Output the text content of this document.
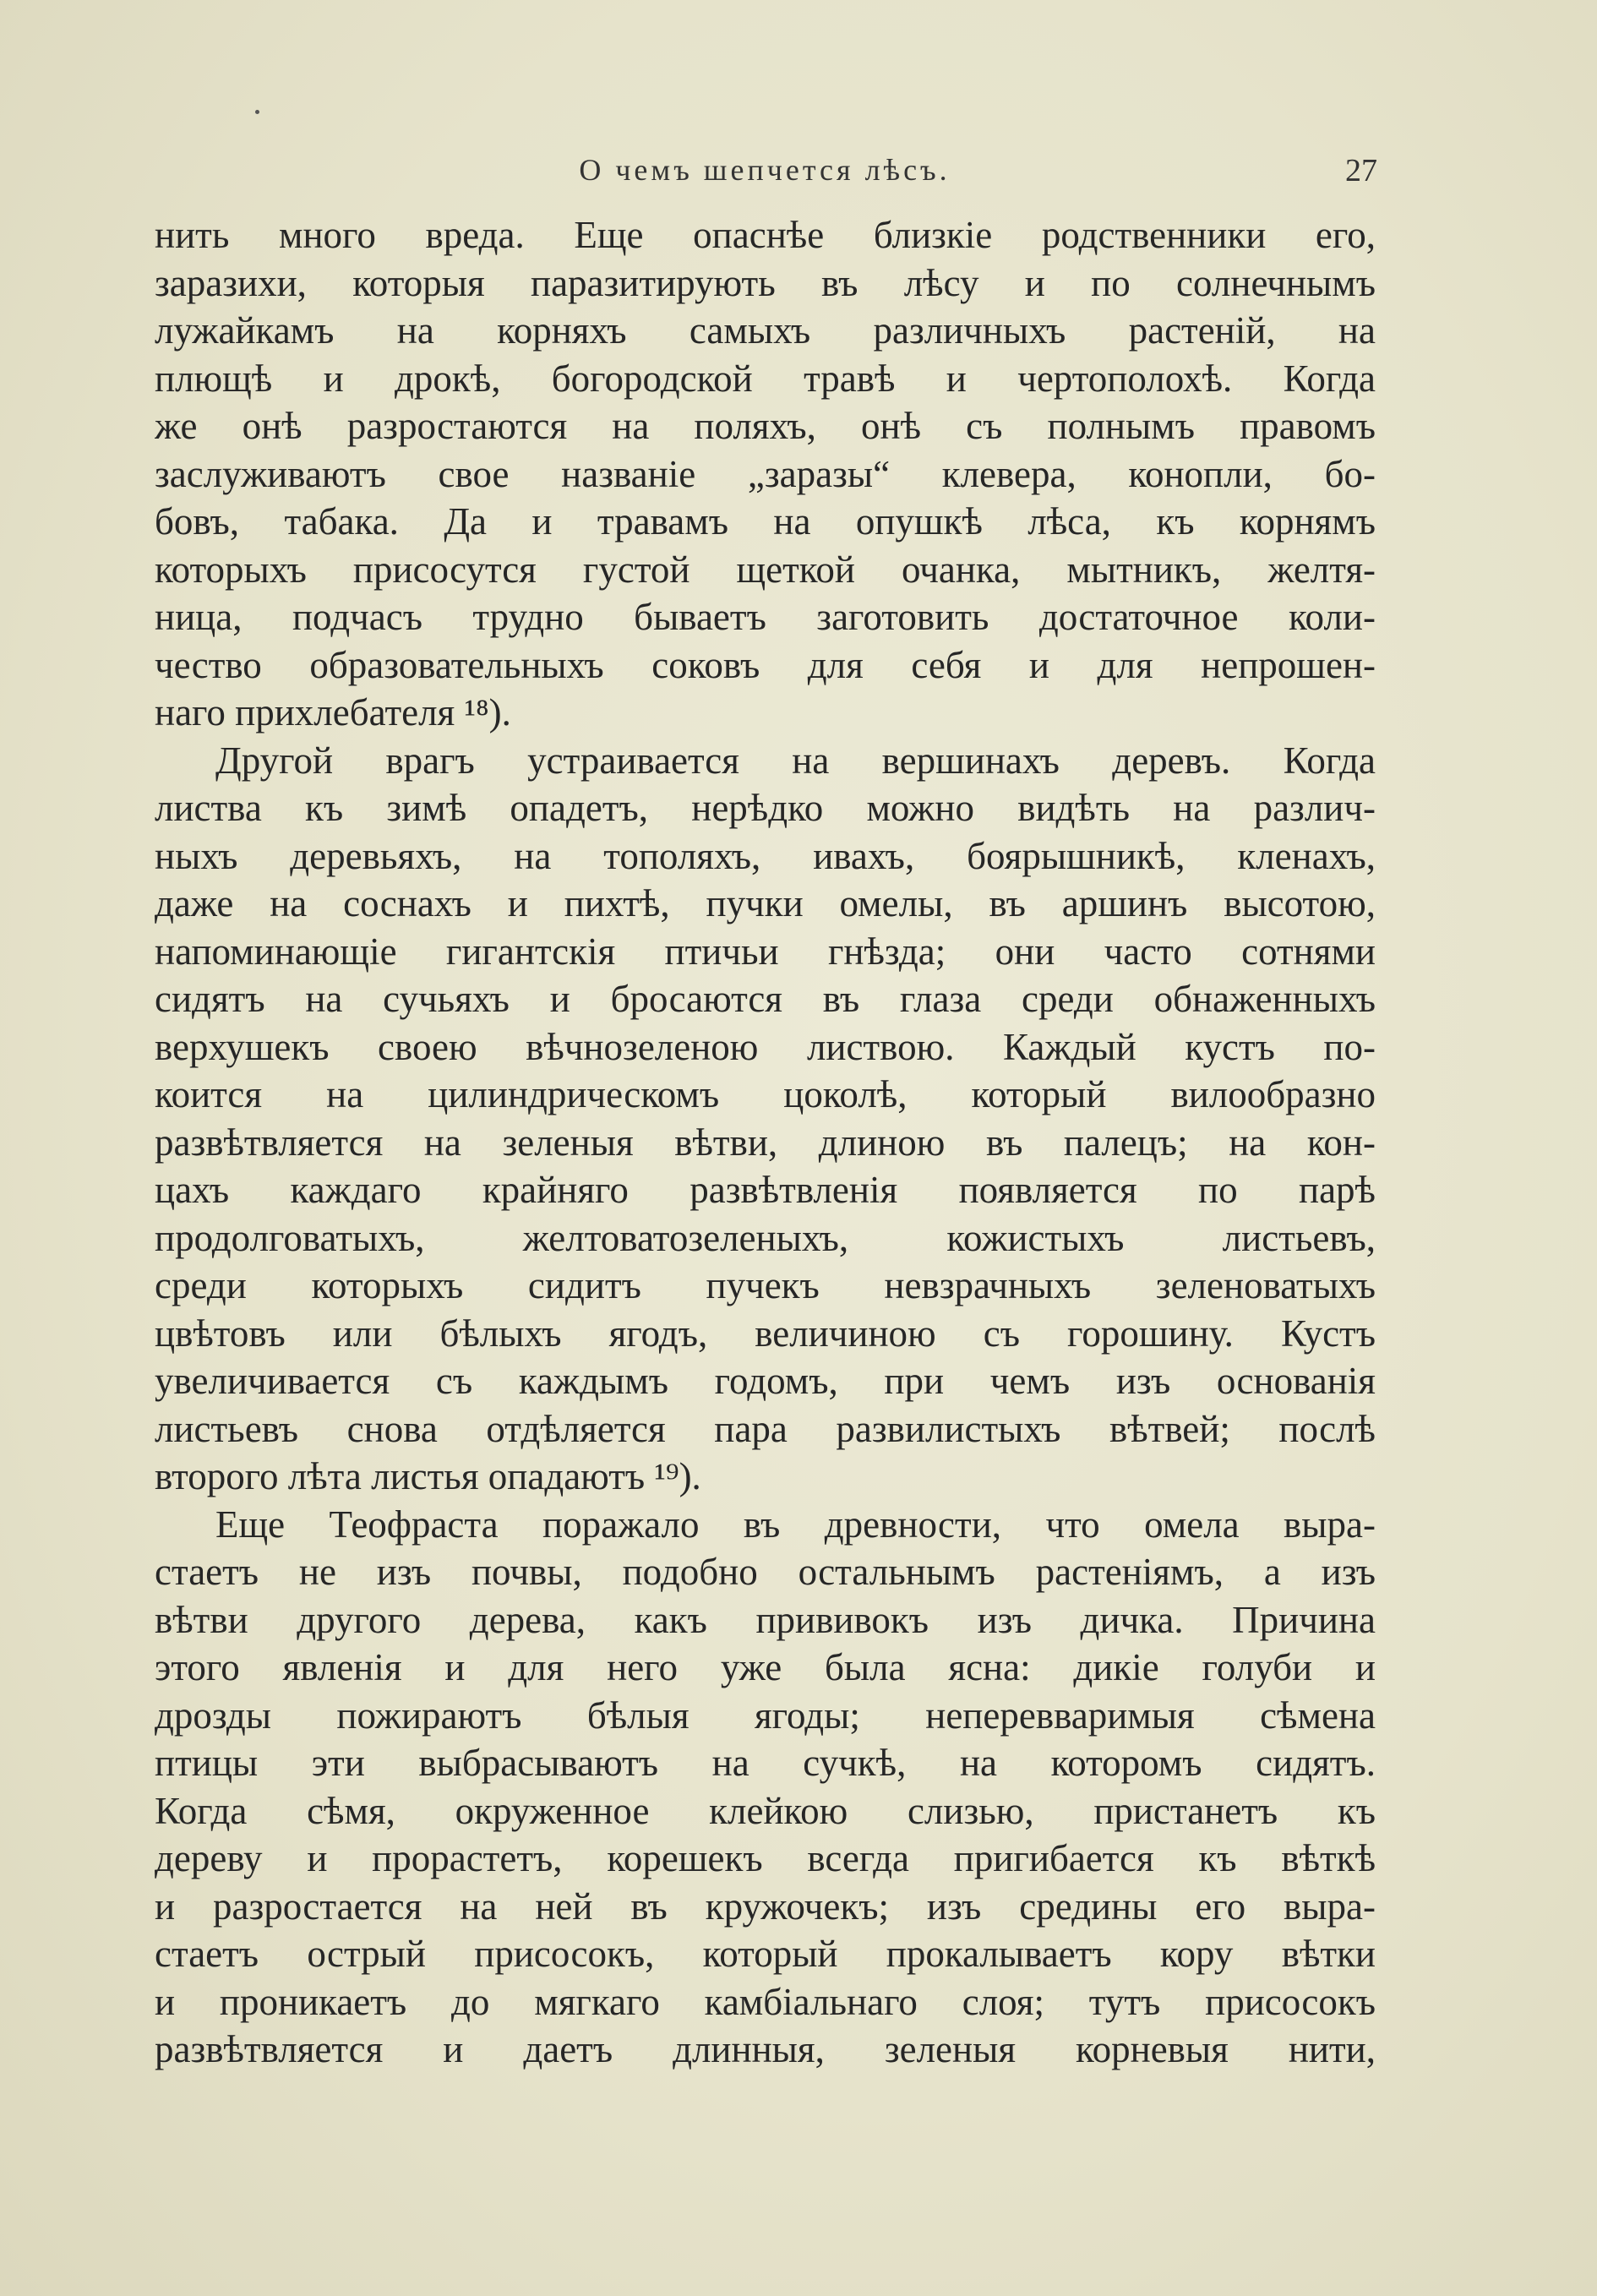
О чемъ шепчется лѣсъ.	27
нить много вреда. Еще опаснѣе близкіе родственники его,
заразихи, которыя паразитирують въ лѣсу и по солнечнымъ
лужайкамъ на корняхъ самыхъ различныхъ растеній, на
плющѣ и дрокѣ, богородской травѣ и чертополохѣ. Когда
же онѣ разростаются на поляхъ, онѣ съ полнымъ правомъ
заслуживаютъ свое названіе „заразы“ клевера, конопли, бо-
бовъ, табака. Да и травамъ на опушкѣ лѣса, къ корнямъ
которыхъ присосутся густой щеткой очанка, мытникъ, желтя-
ница, подчасъ трудно бываетъ заготовить достаточное коли-
чество образовательныхъ соковъ для себя и для непрошен-
наго прихлебателя ¹⁸).
Другой врагъ устраивается на вершинахъ деревъ. Когда
листва къ зимѣ опадетъ, нерѣдко можно видѣть на различ-
ныхъ деревьяхъ, на тополяхъ, ивахъ, боярышникѣ, кленахъ,
даже на соснахъ и пихтѣ, пучки омелы, въ аршинъ высотою,
напоминающіе гигантскія птичьи гнѣзда; они часто сотнями
сидятъ на сучьяхъ и бросаются въ глаза среди обнаженныхъ
верхушекъ своею вѣчнозеленою листвою. Каждый кустъ по-
коится на цилиндрическомъ цоколѣ, который вилообразно
развѣтвляется на зеленыя вѣтви, длиною въ палецъ; на кон-
цахъ каждаго крайняго развѣтвленія появляется по парѣ
продолговатыхъ, желтоватозеленыхъ, кожистыхъ листьевъ,
среди которыхъ сидитъ пучекъ невзрачныхъ зеленоватыхъ
цвѣтовъ или бѣлыхъ ягодъ, величиною съ горошину. Кустъ
увеличивается съ каждымъ годомъ, при чемъ изъ основанія
листьевъ снова отдѣляется пара развилистыхъ вѣтвей; послѣ
второго лѣта листья опадаютъ ¹⁹).
Еще Теофраста поражало въ древности, что омела выра-
стаетъ не изъ почвы, подобно остальнымъ растеніямъ, а изъ
вѣтви другого дерева, какъ прививокъ изъ дичка. Причина
этого явленія и для него уже была ясна: дикіе голуби и
дрозды пожираютъ бѣлыя ягоды; неперевваримыя сѣмена
птицы эти выбрасываютъ на сучкѣ, на которомъ сидятъ.
Когда сѣмя, окруженное клейкою слизью, пристанетъ къ
дереву и прорастетъ, корешекъ всегда пригибается къ вѣткѣ
и разростается на ней въ кружочекъ; изъ средины его выра-
стаетъ острый присосокъ, который прокалываетъ кору вѣтки
и проникаетъ до мягкаго камбіальнаго слоя; тутъ присосокъ
развѣтвляется и даетъ длинныя, зеленыя корневыя нити,
